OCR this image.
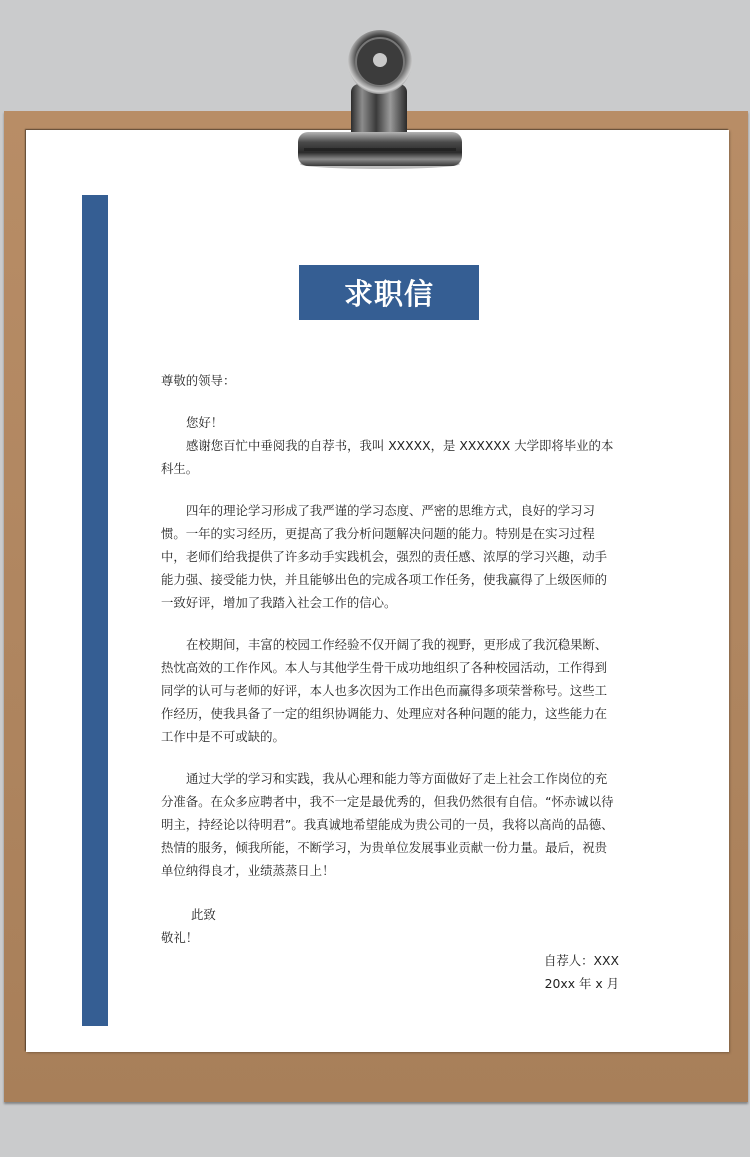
求职信

尊敬的领导：

您好！

感谢您百忙中垂阅我的自荐书，我叫 XXXXX，是 XXXXXX 大学即将毕业的本科生。

四年的理论学习形成了我严谨的学习态度、严密的思维方式，良好的学习习惯。一年的实习经历，更提高了我分析问题解决问题的能力。特别是在实习过程中，老师们给我提供了许多动手实践机会，强烈的责任感、浓厚的学习兴趣，动手能力强、接受能力快，并且能够出色的完成各项工作任务，使我赢得了上级医师的一致好评，增加了我踏入社会工作的信心。

在校期间，丰富的校园工作经验不仅开阔了我的视野，更形成了我沉稳果断、热忱高效的工作作风。本人与其他学生骨干成功地组织了各种校园活动，工作得到同学的认可与老师的好评，本人也多次因为工作出色而赢得多项荣誉称号。这些工作经历，使我具备了一定的组织协调能力、处理应对各种问题的能力，这些能力在工作中是不可或缺的。

通过大学的学习和实践，我从心理和能力等方面做好了走上社会工作岗位的充分准备。在众多应聘者中，我不一定是最优秀的，但我仍然很有自信。“怀赤诚以待明主，持经论以待明君”。我真诚地希望能成为贵公司的一员，我将以高尚的品德、热情的服务，倾我所能，不断学习，为贵单位发展事业贡献一份力量。最后，祝贵单位纳得良才，业绩蒸蒸日上！

此致

敬礼！

自荐人：XXX

20xx 年 x 月
